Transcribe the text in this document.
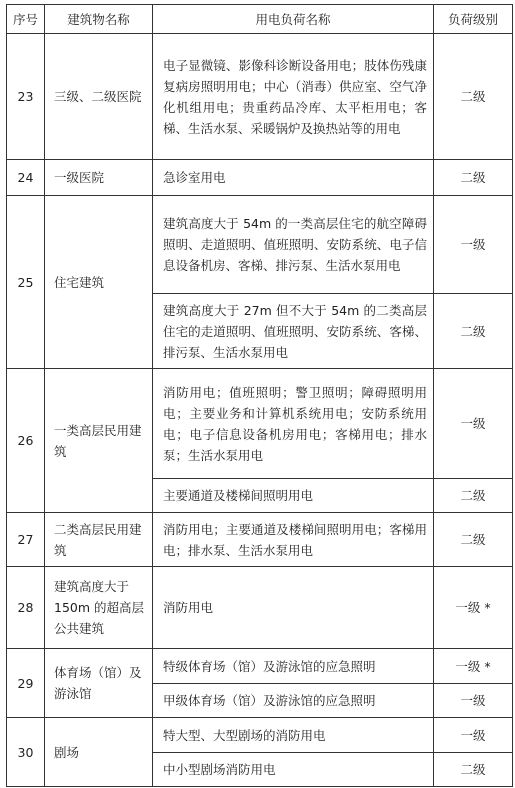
序号	建筑物名称	用电负荷名称	负荷级别
23	三级、二级医院	电子显微镜、影像科诊断设备用电；肢体伤残康复病房照明用电；中心（消毒）供应室、空气净化机组用电；贵重药品冷库、太平柜用电；客梯、生活水泵、采暖锅炉及换热站等的用电	二级
24	一级医院	急诊室用电	二级
25	住宅建筑	建筑高度大于 54m 的一类高层住宅的航空障碍照明、走道照明、值班照明、安防系统、电子信息设备机房、客梯、排污泵、生活水泵用电	一级
		建筑高度大于 27m 但不大于 54m 的二类高层住宅的走道照明、值班照明、安防系统、客梯、排污泵、生活水泵用电	二级
26	一类高层民用建筑	消防用电；值班照明；警卫照明；障碍照明用电；主要业务和计算机系统用电；安防系统用电；电子信息设备机房用电；客梯用电；排水泵；生活水泵用电	一级
		主要通道及楼梯间照明用电	二级
27	二类高层民用建筑	消防用电；主要通道及楼梯间照明用电；客梯用电；排水泵、生活水泵用电	二级
28	建筑高度大于 150m 的超高层公共建筑	消防用电	一级 *
29	体育场（馆）及游泳馆	特级体育场（馆）及游泳馆的应急照明	一级 *
		甲级体育场（馆）及游泳馆的应急照明	一级
30	剧场	特大型、大型剧场的消防用电	一级
		中小型剧场消防用电	二级
